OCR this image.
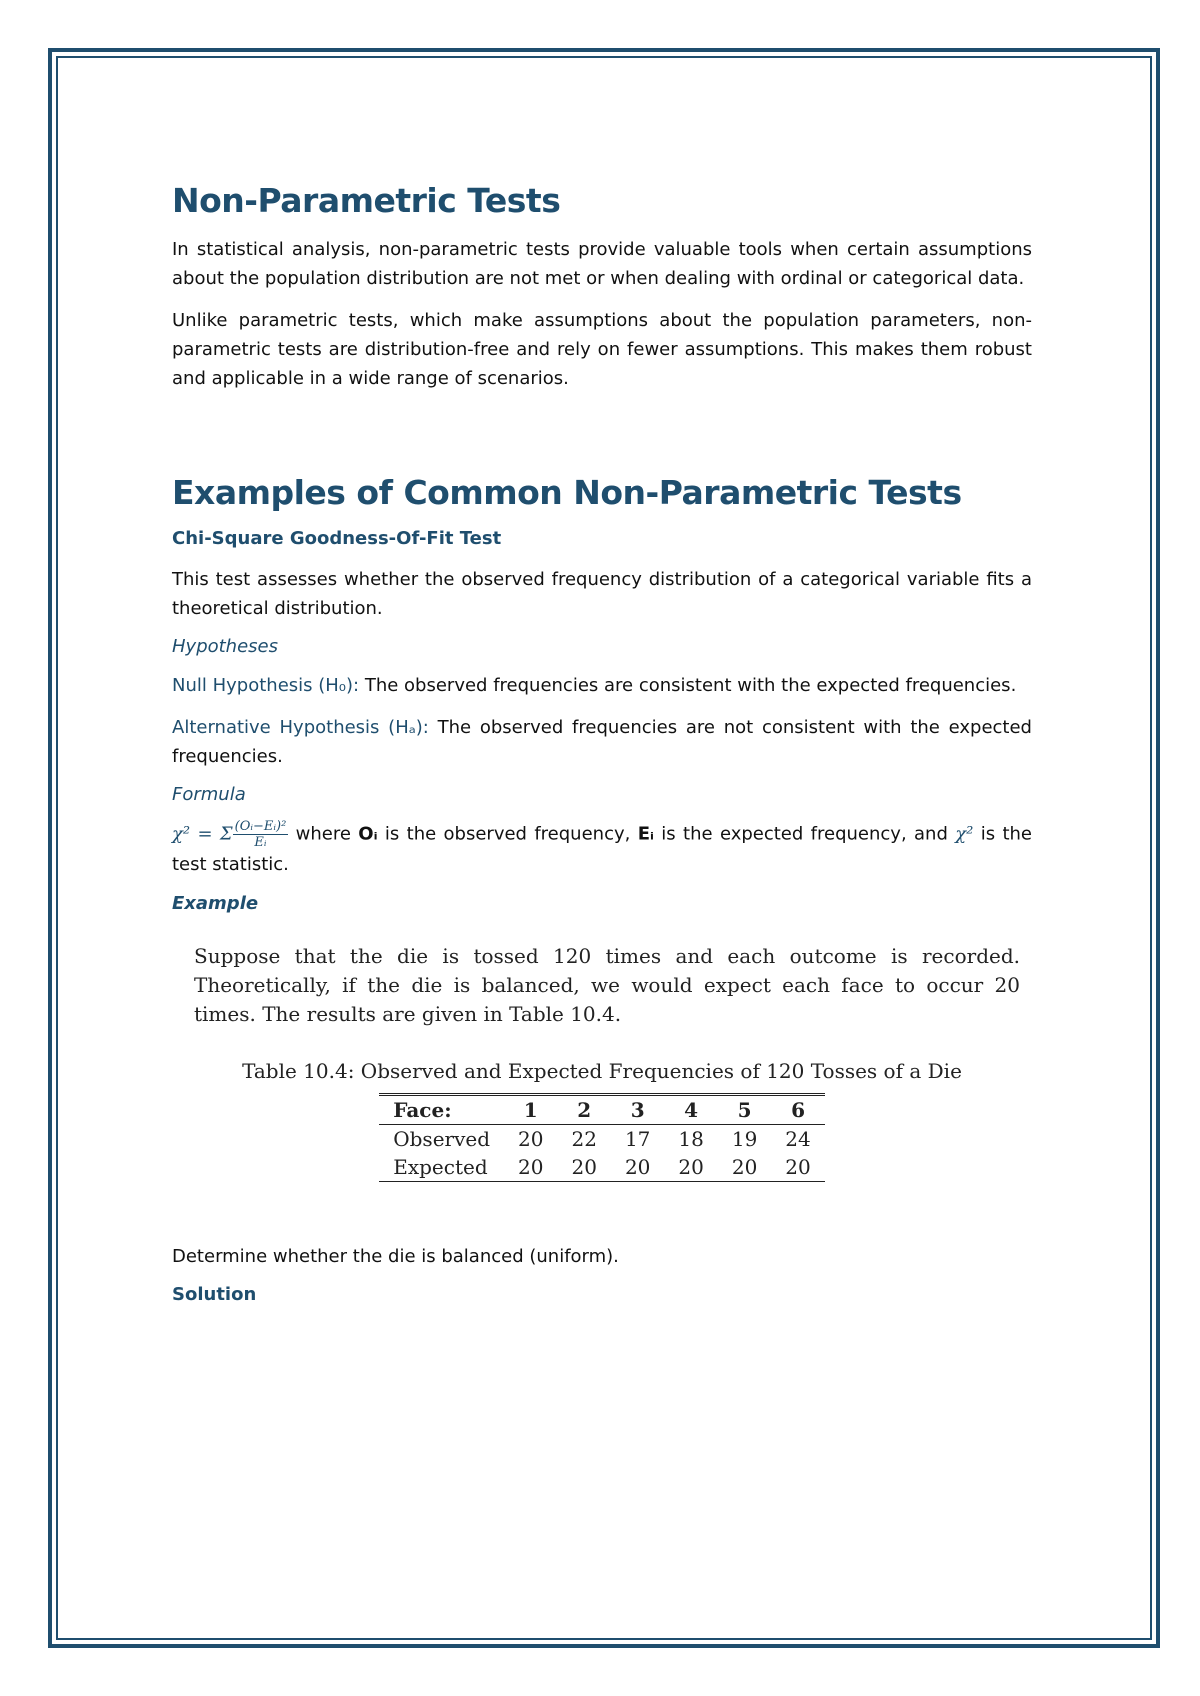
Non-Parametric Tests

In statistical analysis, non-parametric tests provide valuable tools when certain assumptions about the population distribution are not met or when dealing with ordinal or categorical data.

Unlike parametric tests, which make assumptions about the population parameters, non-parametric tests are distribution-free and rely on fewer assumptions. This makes them robust and applicable in a wide range of scenarios.

Examples of Common Non-Parametric Tests
Chi-Square Goodness-Of-Fit Test

This test assesses whether the observed frequency distribution of a categorical variable fits a theoretical distribution.

Hypotheses

Null Hypothesis (H₀): The observed frequencies are consistent with the expected frequencies.

Alternative Hypothesis (Hₐ): The observed frequencies are not consistent with the expected frequencies.

Formula

χ² = Σ $\frac{\text{(Oᵢ−Eᵢ)²}}{\text{Eᵢ}}$ where Oᵢ is the observed frequency, Eᵢ is the expected frequency, and χ² is the test statistic.

Example
Suppose that the die is tossed 120 times and each outcome is recorded. Theoretically, if the die is balanced, we would expect each face to occur 20 times. The results are given in Table 10.4.
Table 10.4: Observed and Expected Frequencies of 120 Tosses of a Die
Face:	1	2	3	4	5	6
Observed	20	22	17	18	19	24
Expected	20	20	20	20	20	20

Determine whether the die is balanced (uniform).

Solution
